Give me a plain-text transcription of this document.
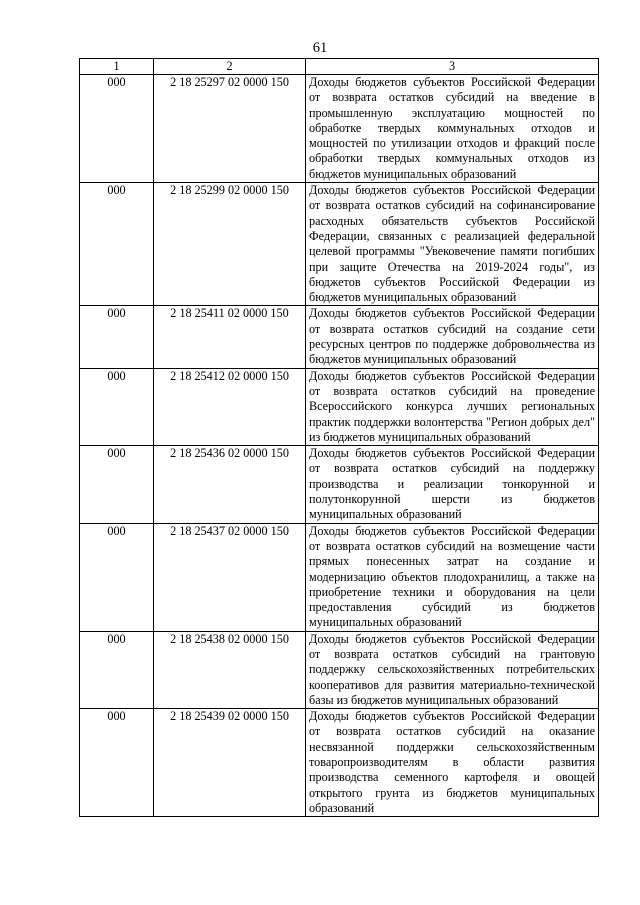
61
1	2	3
000	2 18 25297 02 0000 150	Доходы бюджетов субъектов Российской Федерации от возврата остатков субсидий на введение в промышленную эксплуатацию мощностей по обработке твердых коммунальных отходов и мощностей по утилизации отходов и фракций после обработки твердых коммунальных отходов из бюджетов муниципальных образований
000	2 18 25299 02 0000 150	Доходы бюджетов субъектов Российской Федерации от возврата остатков субсидий на софинансирование расходных обязательств субъектов Российской Федерации, связанных с реализацией федеральной целевой программы "Увековечение памяти погибших при защите Отечества на 2019-2024 годы", из бюджетов субъектов Российской Федерации из бюджетов муниципальных образований
000	2 18 25411 02 0000 150	Доходы бюджетов субъектов Российской Федерации от возврата остатков субсидий на создание сети ресурсных центров по поддержке добровольчества из бюджетов муниципальных образований
000	2 18 25412 02 0000 150	Доходы бюджетов субъектов Российской Федерации от возврата остатков субсидий на проведение Всероссийского конкурса лучших региональных практик поддержки волонтерства "Регион добрых дел" из бюджетов муниципальных образований
000	2 18 25436 02 0000 150	Доходы бюджетов субъектов Российской Федерации от возврата остатков субсидий на поддержку производства и реализации тонкорунной и полутонкорунной шерсти из бюджетов муниципальных образований
000	2 18 25437 02 0000 150	Доходы бюджетов субъектов Российской Федерации от возврата остатков субсидий на возмещение части прямых понесенных затрат на создание и модернизацию объектов плодохранилищ, а также на приобретение техники и оборудования на цели предоставления субсидий из бюджетов муниципальных образований
000	2 18 25438 02 0000 150	Доходы бюджетов субъектов Российской Федерации от возврата остатков субсидий на грантовую поддержку сельскохозяйственных потребительских кооперативов для развития материально-технической базы из бюджетов муниципальных образований
000	2 18 25439 02 0000 150	Доходы бюджетов субъектов Российской Федерации от возврата остатков субсидий на оказание несвязанной поддержки сельскохозяйственным товаропроизводителям в области развития производства семенного картофеля и овощей открытого грунта из бюджетов муниципальных образований
